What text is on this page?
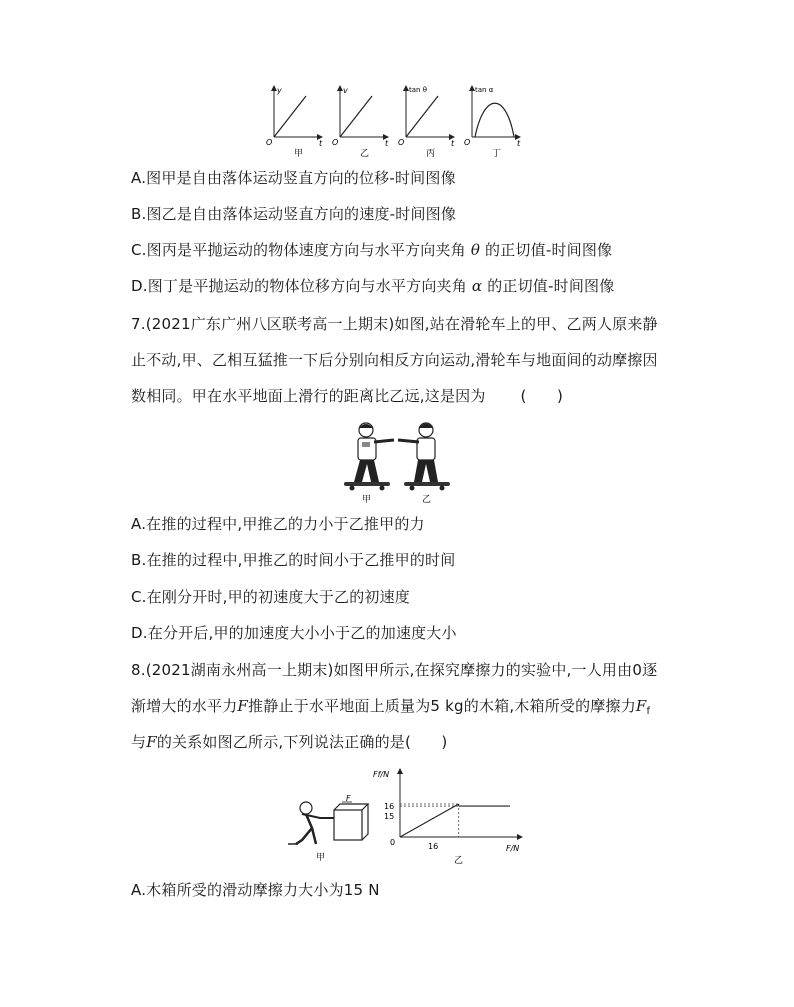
y
t
O
甲
v
t
O
乙
tan θ
t
O
丙
tan α
t
O
丁
A.图甲是自由落体运动竖直方向的位移-时间图像
B.图乙是自由落体运动竖直方向的速度-时间图像
C.图丙是平抛运动的物体速度方向与水平方向夹角 θ 的正切值-时间图像
D.图丁是平抛运动的物体位移方向与水平方向夹角 α 的正切值-时间图像
7.(2021广东广州八区联考高一上期末)如图,站在滑轮车上的甲、乙两人原来静
止不动,甲、乙相互猛推一下后分别向相反方向运动,滑轮车与地面间的动摩擦因
数相同。甲在水平地面上滑行的距离比乙远,这是因为 (　　)
甲	乙
A.在推的过程中,甲推乙的力小于乙推甲的力
B.在推的过程中,甲推乙的时间小于乙推甲的时间
C.在刚分开时,甲的初速度大于乙的初速度
D.在分开后,甲的加速度大小小于乙的加速度大小
8.(2021湖南永州高一上期末)如图甲所示,在探究摩擦力的实验中,一人用由0逐
渐增大的水平力F推静止于水平地面上质量为5 kg的木箱,木箱所受的摩擦力$F_f$
与F的关系如图乙所示,下列说法正确的是(　　)
F
甲
Ff/N
F/N
0
16
15
16
乙
A.木箱所受的滑动摩擦力大小为15 N
